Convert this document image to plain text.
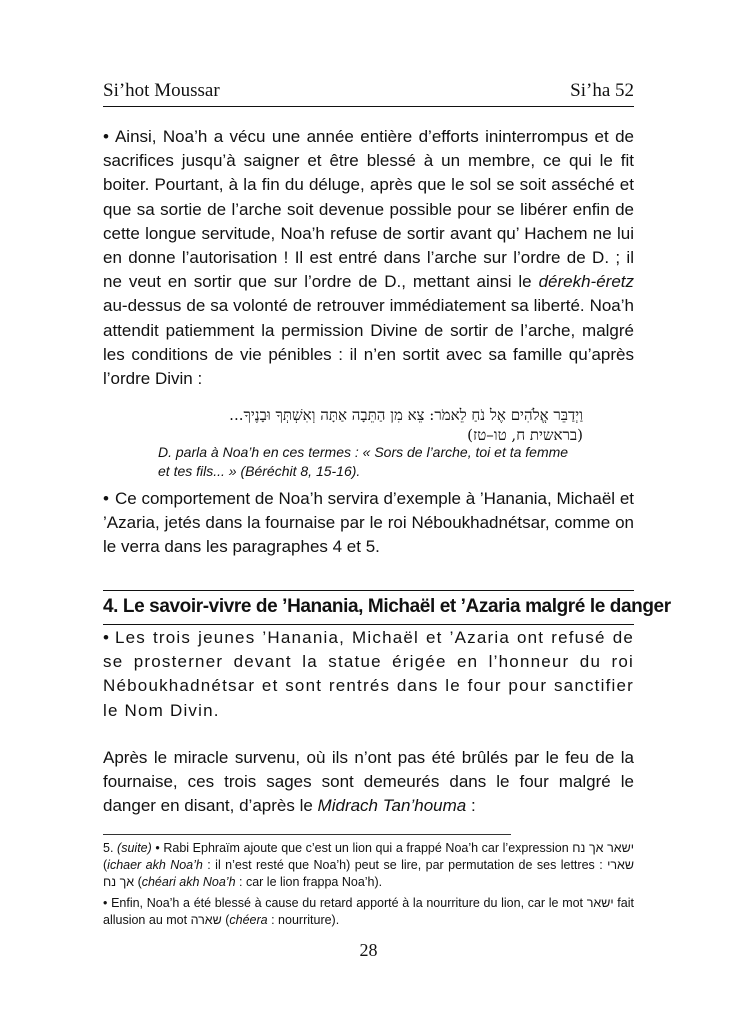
Si’hot Moussar	Si’ha 52

• Ainsi, Noa’h a vécu une année entière d’efforts ininterrompus et de sacrifices jusqu’à saigner et être blessé à un membre, ce qui le fit boiter. Pourtant, à la fin du déluge, après que le sol se soit asséché et que sa sortie de l’arche soit devenue possible pour se libérer enfin de cette longue servitude, Noa’h refuse de sortir avant qu’ Hachem ne lui en donne l’autorisation ! Il est entré dans l’arche sur l’ordre de D. ; il ne veut en sortir que sur l’ordre de D., mettant ainsi le dérekh-éretz au-dessus de sa volonté de retrouver immédiatement sa liberté. Noa’h attendit patiemment la permission Divine de sortir de l’arche, malgré les conditions de vie pénibles : il n’en sortit avec sa famille qu’après l’ordre Divin :

וַיְדַבֵּר אֱלֹהִים אֶל נֹחַ לֵאמֹר: צֵא מִן הַתֵּבָה אַתָּה וְאִשְׁתְּךָ וּבָנֶיךָ...
(בראשית ח, טו–טז)

D. parla à Noa’h en ces termes : « Sors de l’arche, toi et ta femme et tes fils... » (Béréchit 8, 15-16).

• Ce comportement de Noa’h servira d’exemple à ’Hanania, Michaël et ’Azaria, jetés dans la fournaise par le roi Néboukhadnétsar, comme on le verra dans les paragraphes 4 et 5.

4. Le savoir-vivre de ’Hanania, Michaël et ’Azaria malgré le danger

• Les trois jeunes ’Hanania, Michaël et ’Azaria ont refusé de se prosterner devant la statue érigée en l’honneur du roi Néboukhadnétsar et sont rentrés dans le four pour sanctifier le Nom Divin.

Après le miracle survenu, où ils n’ont pas été brûlés par le feu de la fournaise, ces trois sages sont demeurés dans le four malgré le danger en disant, d’après le Midrach Tan’houma :

5. (suite) • Rabi Ephraïm ajoute que c’est un lion qui a frappé Noa’h car l’expression ישאר אך נח (ichaer akh Noa’h : il n’est resté que Noa’h) peut se lire, par permutation de ses lettres : שארי אך נח (chéari akh Noa’h : car le lion frappa Noa’h).

• Enfin, Noa’h a été blessé à cause du retard apporté à la nourriture du lion, car le mot ישאר fait allusion au mot שארה (chéera : nourriture).

28
